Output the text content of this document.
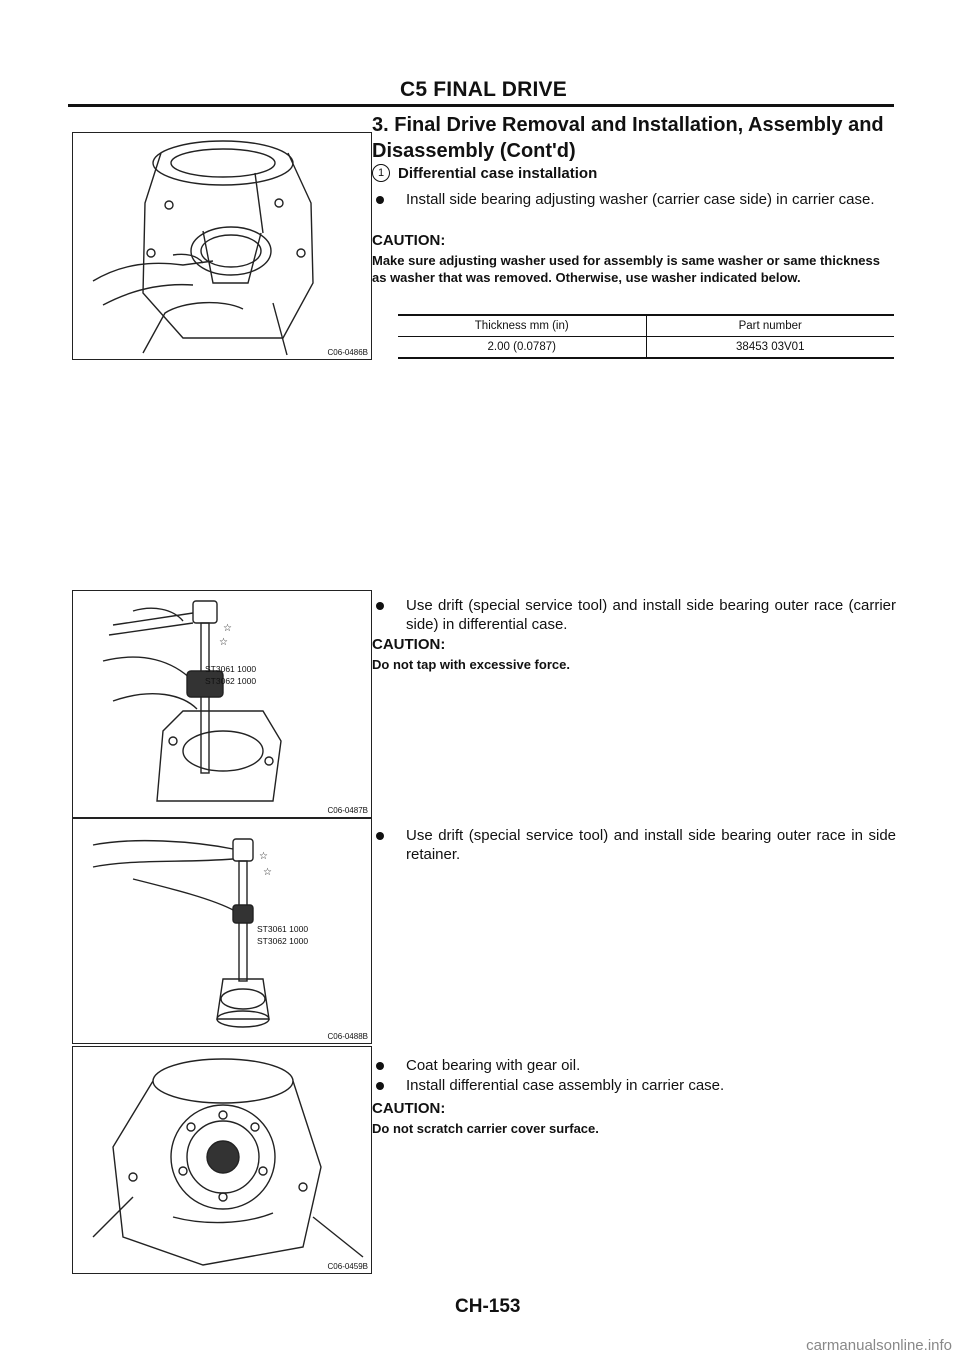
C5 FINAL DRIVE
3. Final Drive Removal and Installation, Assembly and Disassembly (Cont'd)
1 Differential case installation
Install side bearing adjusting washer (carrier case side) in carrier case.
CAUTION:
Make sure adjusting washer used for assembly is same washer or same thickness as washer that was removed. Otherwise, use washer indicated below.
Thickness mm (in)	Part number
2.00 (0.0787)	38453 03V01
C06-0486B
Use drift (special service tool) and install side bearing outer race (carrier side) in differential case.
CAUTION:
Do not tap with excessive force.
☆
☆
ST3061 1000
ST3062 1000
C06-0487B
Use drift (special service tool) and install side bearing outer race in side retainer.
☆
☆
ST3061 1000
ST3062 1000
C06-0488B
Coat bearing with gear oil.
Install differential case assembly in carrier case.
CAUTION:
Do not scratch carrier cover surface.
C06-0459B
CH-153
carmanualsonline.info
